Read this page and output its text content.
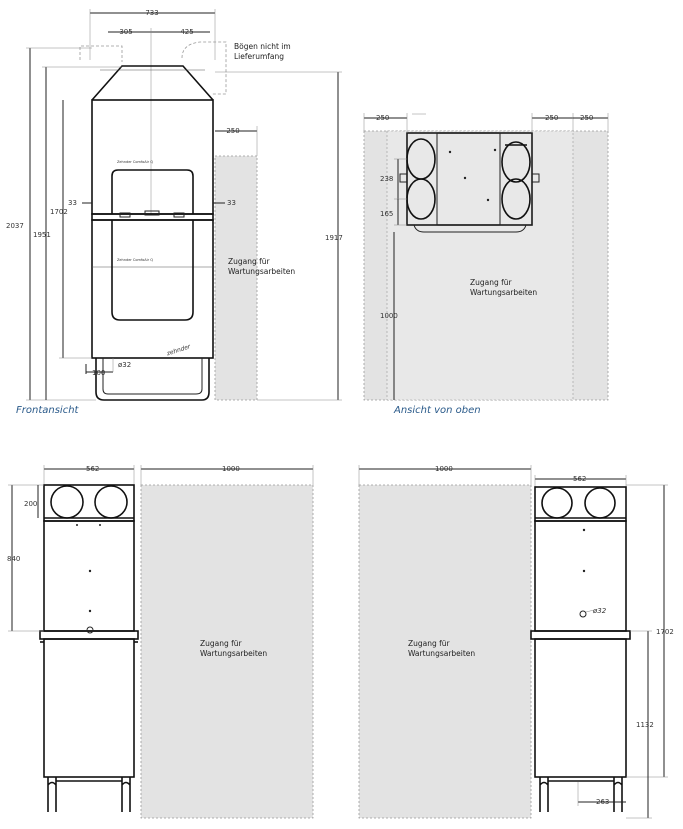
733
305	425
Bögen nicht im
Lieferumfang
Zehnder ComfoAir Q
Zehnder ComfoAir Q
zehnder
250
33	33
2037
1951
1702
1917
100
ø32
Zugang für
Wartungsarbeiten
Frontansicht
250	250	250
238
165
1000
Zugang für
Wartungsarbeiten
Ansicht von oben
562	1000
840
200
Zugang für
Wartungsarbeiten
1000
562
ø32
1702
1132
263
Zugang für
Wartungsarbeiten
